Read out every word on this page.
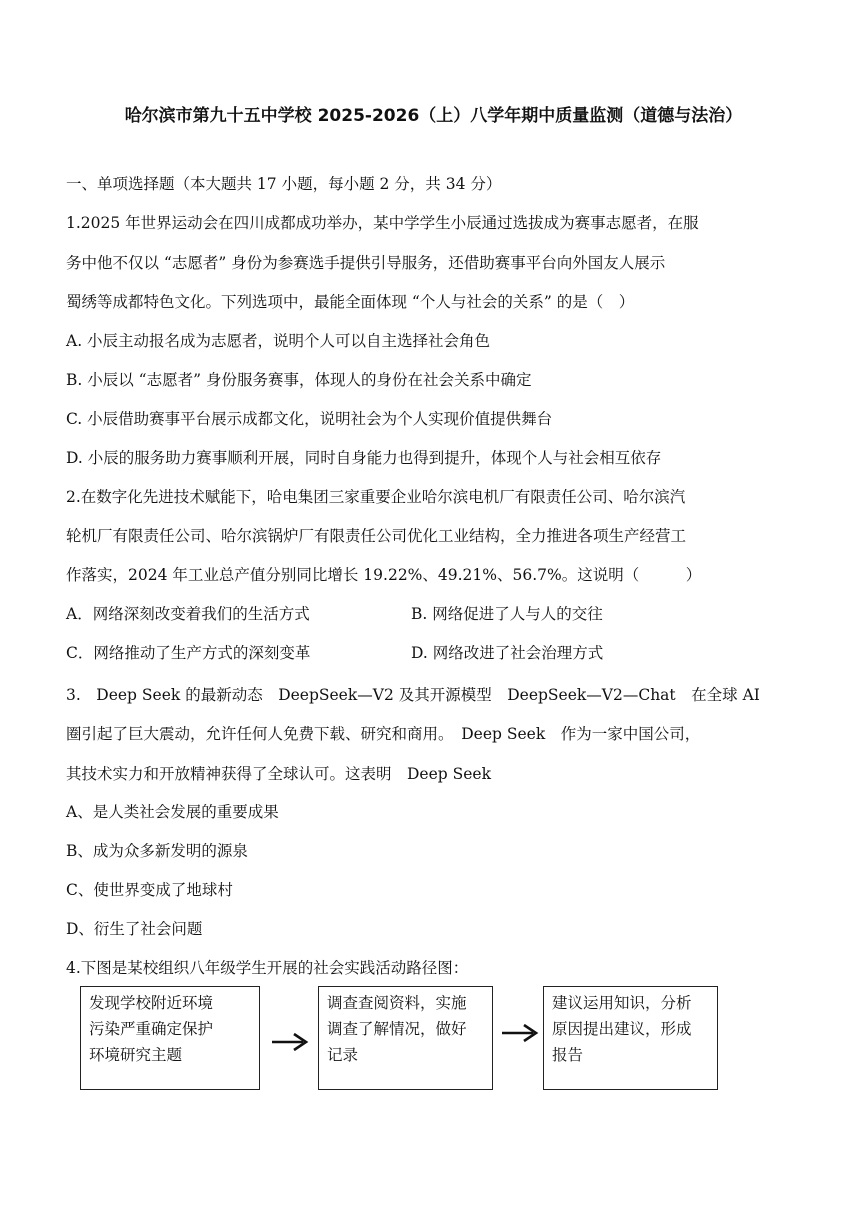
哈尔滨市第九十五中学校 2025-2026（上）八学年期中质量监测（道德与法治）
一、单项选择题（本大题共 17 小题，每小题 2 分，共 34 分）
1.2025 年世界运动会在四川成都成功举办，某中学学生小辰通过选拔成为赛事志愿者，在服
务中他不仅以 “志愿者” 身份为参赛选手提供引导服务，还借助赛事平台向外国友人展示
蜀绣等成都特色文化。下列选项中，最能全面体现 “个人与社会的关系” 的是（　）
A. 小辰主动报名成为志愿者，说明个人可以自主选择社会角色
B. 小辰以 “志愿者” 身份服务赛事，体现人的身份在社会关系中确定
C. 小辰借助赛事平台展示成都文化，说明社会为个人实现价值提供舞台
D. 小辰的服务助力赛事顺利开展，同时自身能力也得到提升，体现个人与社会相互依存
2.在数字化先进技术赋能下，哈电集团三家重要企业哈尔滨电机厂有限责任公司、哈尔滨汽
轮机厂有限责任公司、哈尔滨锅炉厂有限责任公司优化工业结构，全力推进各项生产经营工
作落实，2024 年工业总产值分别同比增长 19.22%、49.21%、56.7%。这说明（　　　）
A．网络深刻改变着我们的生活方式	B. 网络促进了人与人的交往
C．网络推动了生产方式的深刻变革	D. 网络改进了社会治理方式
3.　Deep Seek 的最新动态　DeepSeek—V2 及其开源模型　DeepSeek—V2—Chat　在全球 AI
圈引起了巨大震动，允许任何人免费下载、研究和商用。　Deep Seek　作为一家中国公司，
其技术实力和开放精神获得了全球认可。这表明　Deep Seek
A、是人类社会发展的重要成果
B、成为众多新发明的源泉
C、使世界变成了地球村
D、衍生了社会问题
4.下图是某校组织八年级学生开展的社会实践活动路径图：
发现学校附近环境
污染严重确定保护
环境研究主题
调查查阅资料，实施
调查了解情况，做好
记录
建议运用知识，分析
原因提出建议，形成
报告
